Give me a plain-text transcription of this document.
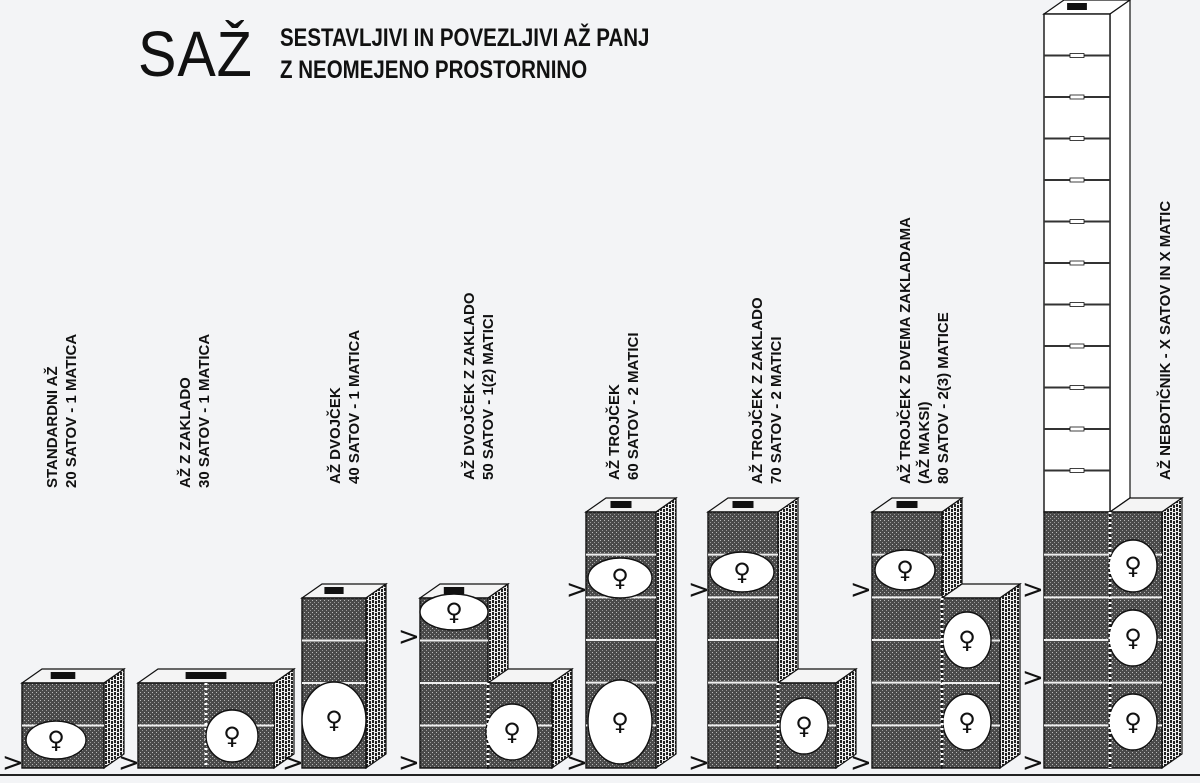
SAŽ SESTAVLJIVI IN POVEZLJIVI AŽ PANJ
Z NEOMEJENO PROSTORNINO
STANDARDNI AŽ 20 SATOV - 1 MATICA	AŽ Z ZAKLADO 30 SATOV - 1 MATICA	AŽ DVOJČEK 40 SATOV - 1 MATICA	AŽ DVOJČEK Z ZAKLADO 50 SATOV - 1(2) MATICI	AŽ TROJČEK 60 SATOV - 2 MATICI	AŽ TROJČEK Z ZAKLADO 70 SATOV - 2 MATICI	AŽ TROJČEK Z DVEMA ZAKLADAMA (AŽ MAKSI) 80 SATOV - 2(3) MATICE	AŽ NEBOTIČNIK - X SATOV IN X MATIC
♀
>
♀
>
♀
>
♀
♀
>
>
♀
♀
>
>
♀
♀
>
>
♀
♀
♀
>
>
♀
♀
♀
>
>
>
